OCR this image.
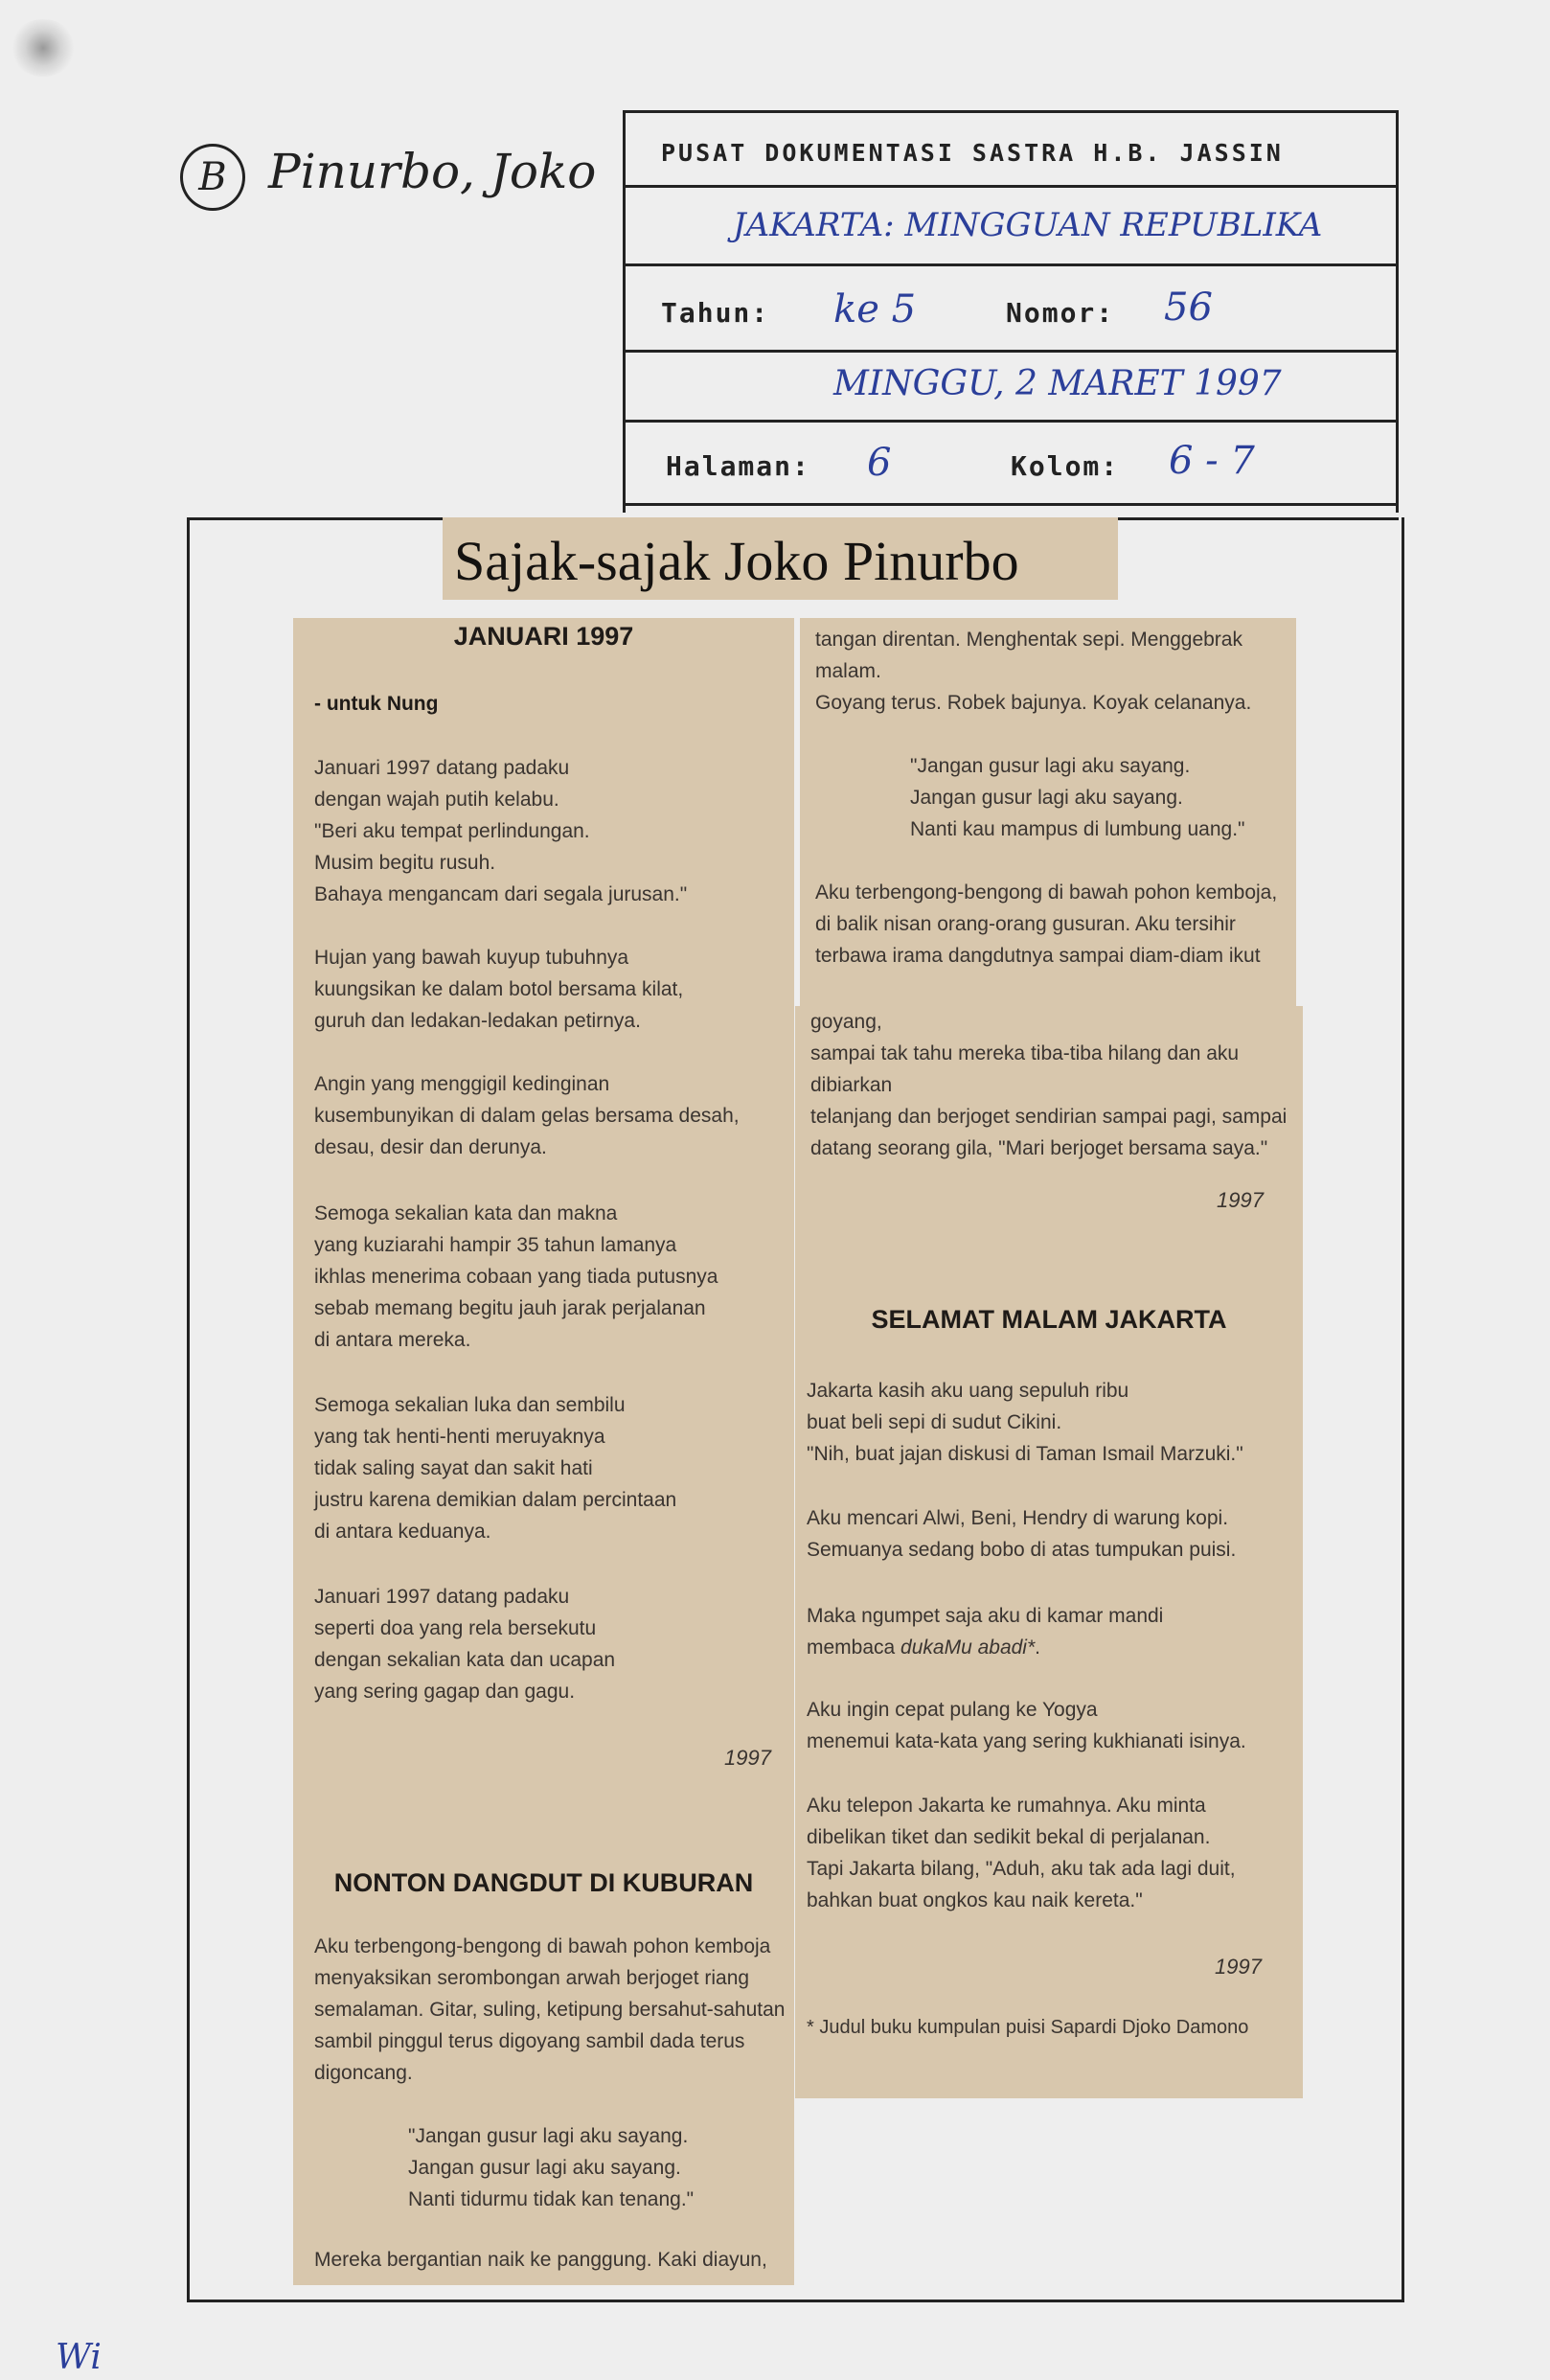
B Pinurbo, Joko	PUSAT DOKUMENTASI SASTRA H.B. JASSIN
JAKARTA: MINGGUAN REPUBLIKA
Tahun: ke 5	Nomor: 56
MINGGU, 2 MARET 1997
Halaman: 6	Kolom: 6 - 7
Sajak-sajak Joko Pinurbo
JANUARI 1997
- untuk Nung

Januari 1997 datang padaku
dengan wajah putih kelabu.
"Beri aku tempat perlindungan.
Musim begitu rusuh.
Bahaya mengancam dari segala jurusan."

Hujan yang bawah kuyup tubuhnya
kuungsikan ke dalam botol bersama kilat,
guruh dan ledakan-ledakan petirnya.

Angin yang menggigil kedinginan
kusembunyikan di dalam gelas bersama desah,
desau, desir dan derunya.

Semoga sekalian kata dan makna
yang kuziarahi hampir 35 tahun lamanya
ikhlas menerima cobaan yang tiada putusnya
sebab memang begitu jauh jarak perjalanan
di antara mereka.

Semoga sekalian luka dan sembilu
yang tak henti-henti meruyaknya
tidak saling sayat dan sakit hati
justru karena demikian dalam percintaan
di antara keduanya.

Januari 1997 datang padaku
seperti doa yang rela bersekutu
dengan sekalian kata dan ucapan
yang sering gagap dan gagu.

1997
NONTON DANGDUT DI KUBURAN

Aku terbengong-bengong di bawah pohon kemboja
menyaksikan serombongan arwah berjoget riang
semalaman. Gitar, suling, ketipung bersahut-sahutan
sambil pinggul terus digoyang sambil dada terus
digoncang.

"Jangan gusur lagi aku sayang.
Jangan gusur lagi aku sayang.
Nanti tidurmu tidak kan tenang."

Mereka bergantian naik ke panggung. Kaki diayun,

tangan direntan. Menghentak sepi. Menggebrak
malam.
Goyang terus. Robek bajunya. Koyak celananya.

"Jangan gusur lagi aku sayang.
Jangan gusur lagi aku sayang.
Nanti kau mampus di lumbung uang."

Aku terbengong-bengong di bawah pohon kemboja,
di balik nisan orang-orang gusuran. Aku tersihir
terbawa irama dangdutnya sampai diam-diam ikut

goyang,
sampai tak tahu mereka tiba-tiba hilang dan aku
dibiarkan
telanjang dan berjoget sendirian sampai pagi, sampai
datang seorang gila, "Mari berjoget bersama saya."

1997
SELAMAT MALAM JAKARTA

Jakarta kasih aku uang sepuluh ribu
buat beli sepi di sudut Cikini.
"Nih, buat jajan diskusi di Taman Ismail Marzuki."

Aku mencari Alwi, Beni, Hendry di warung kopi.
Semuanya sedang bobo di atas tumpukan puisi.

Maka ngumpet saja aku di kamar mandi
membaca dukaMu abadi*.

Aku ingin cepat pulang ke Yogya
menemui kata-kata yang sering kukhianati isinya.

Aku telepon Jakarta ke rumahnya. Aku minta
dibelikan tiket dan sedikit bekal di perjalanan.
Tapi Jakarta bilang, "Aduh, aku tak ada lagi duit,
bahkan buat ongkos kau naik kereta."

1997
* Judul buku kumpulan puisi Sapardi Djoko Damono
Wi
